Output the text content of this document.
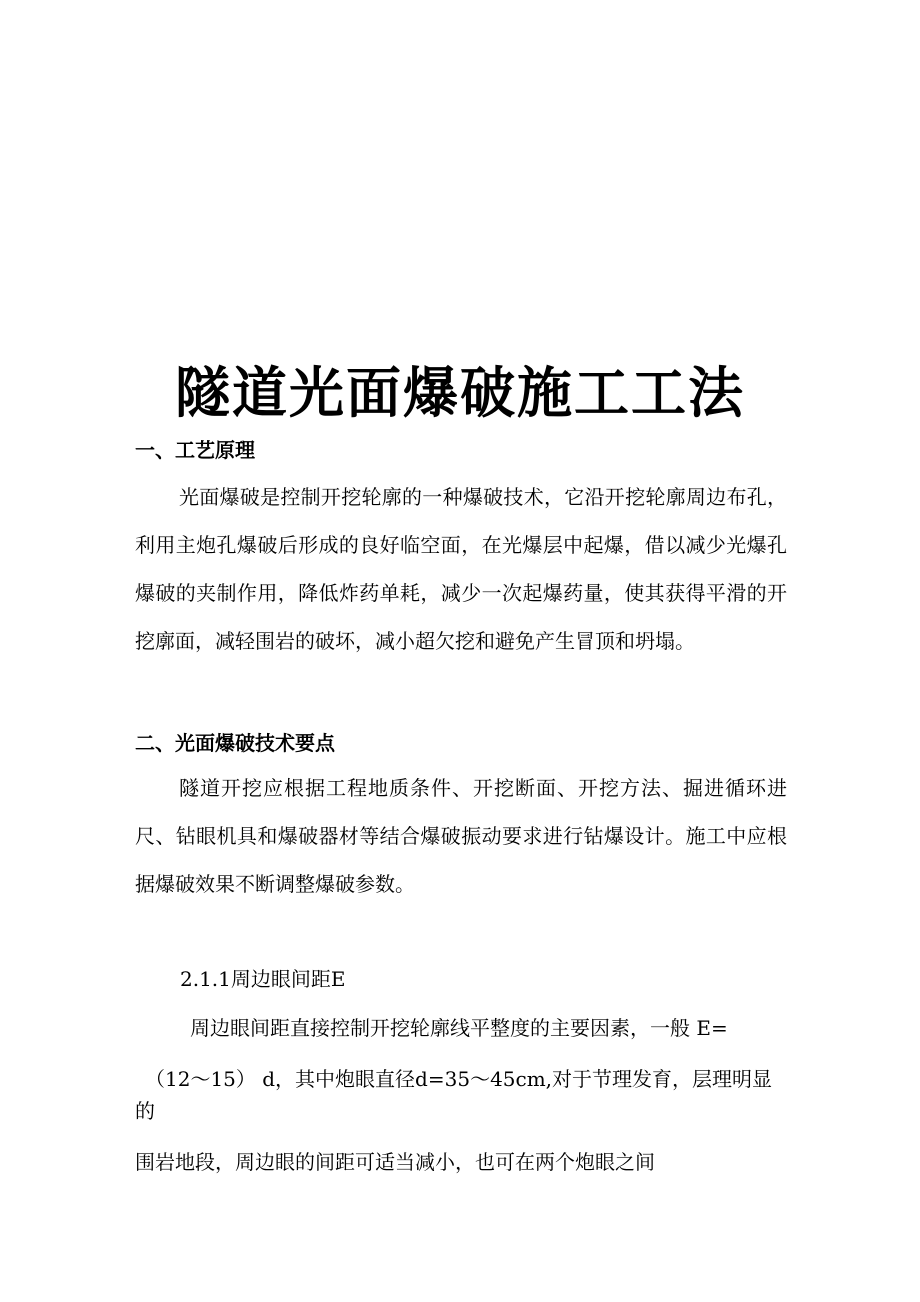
隧道光面爆破施工工法
一、工艺原理

光面爆破是控制开挖轮廓的一种爆破技术，它沿开挖轮廓周边布孔，利用主炮孔爆破后形成的良好临空面，在光爆层中起爆，借以减少光爆孔爆破的夹制作用，降低炸药单耗，减少一次起爆药量，使其获得平滑的开挖廓面，减轻围岩的破坏，减小超欠挖和避免产生冒顶和坍塌。

二、光面爆破技术要点

隧道开挖应根据工程地质条件、开挖断面、开挖方法、掘进循环进尺、钻眼机具和爆破器材等结合爆破振动要求进行钻爆设计。施工中应根据爆破效果不断调整爆破参数。

2.1.1周边眼间距E
周边眼间距直接控制开挖轮廓线平整度的主要因素，一般 E=
（12〜15） d，其中炮眼直径d=35〜45cm,对于节理发育，层理明显
的
围岩地段，周边眼的间距可适当减小，也可在两个炮眼之间
